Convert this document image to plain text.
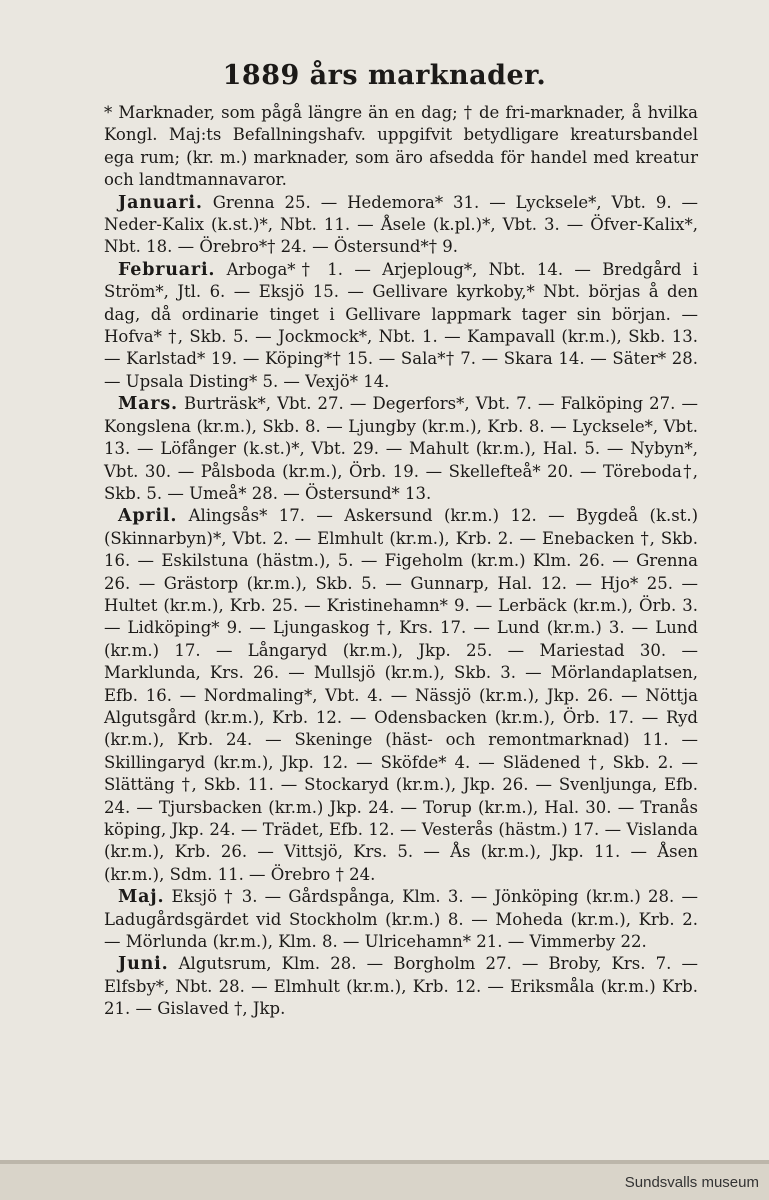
1889 års marknader.

* Marknader, som pågå längre än en dag; † de fri-marknader, å hvilka Kongl. Maj:ts Befallningshafv. uppgifvit betydligare kreatursbandel ega rum; (kr. m.) marknader, som äro afsedda för handel med kreatur och landtmannavaror.

Januari. Grenna 25. — Hedemora* 31. — Lycksele*, Vbt. 9. — Neder-Kalix (k.st.)*, Nbt. 11. — Åsele (k.pl.)*, Vbt. 3. — Öfver-Kalix*, Nbt. 18. — Örebro*† 24. — Östersund*† 9.

Februari. Arboga*† 1. — Arjeploug*, Nbt. 14. — Bredgård i Ström*, Jtl. 6. — Eksjö 15. — Gellivare kyrkoby,* Nbt. börjas å den dag, då ordinarie tinget i Gellivare lappmark tager sin början. — Hofva* †, Skb. 5. — Jockmock*, Nbt. 1. — Kampavall (kr.m.), Skb. 13. — Karlstad* 19. — Köping*† 15. — Sala*† 7. — Skara 14. — Säter* 28. — Upsala Disting* 5. — Vexjö* 14.

Mars. Burträsk*, Vbt. 27. — Degerfors*, Vbt. 7. — Falköping 27. — Kongslena (kr.m.), Skb. 8. — Ljungby (kr.m.), Krb. 8. — Lycksele*, Vbt. 13. — Löfånger (k.st.)*, Vbt. 29. — Mahult (kr.m.), Hal. 5. — Nybyn*, Vbt. 30. — Pålsboda (kr.m.), Örb. 19. — Skellefteå* 20. — Töreboda†, Skb. 5. — Umeå* 28. — Östersund* 13.

April. Alingsås* 17. — Askersund (kr.m.) 12. — Bygdeå (k.st.) (Skinnarbyn)*, Vbt. 2. — Elmhult (kr.m.), Krb. 2. — Enebacken †, Skb. 16. — Eskilstuna (hästm.), 5. — Figeholm (kr.m.) Klm. 26. — Grenna 26. — Grästorp (kr.m.), Skb. 5. — Gunnarp, Hal. 12. — Hjo* 25. — Hultet (kr.m.), Krb. 25. — Kristinehamn* 9. — Lerbäck (kr.m.), Örb. 3. — Lidköping* 9. — Ljungaskog †, Krs. 17. — Lund (kr.m.) 3. — Lund (kr.m.) 17. — Långaryd (kr.m.), Jkp. 25. — Mariestad 30. — Marklunda, Krs. 26. — Mullsjö (kr.m.), Skb. 3. — Mörlandaplatsen, Efb. 16. — Nordmaling*, Vbt. 4. — Nässjö (kr.m.), Jkp. 26. — Nöttja Algutsgård (kr.m.), Krb. 12. — Odensbacken (kr.m.), Örb. 17. — Ryd (kr.m.), Krb. 24. — Skeninge (häst- och remontmarknad) 11. — Skillingaryd (kr.m.), Jkp. 12. — Sköfde* 4. — Slädened †, Skb. 2. — Slättäng †, Skb. 11. — Stockaryd (kr.m.), Jkp. 26. — Svenljunga, Efb. 24. — Tjursbacken (kr.m.) Jkp. 24. — Torup (kr.m.), Hal. 30. — Tranås köping, Jkp. 24. — Trädet, Efb. 12. — Vesterås (hästm.) 17. — Vislanda (kr.m.), Krb. 26. — Vittsjö, Krs. 5. — Ås (kr.m.), Jkp. 11. — Åsen (kr.m.), Sdm. 11. — Örebro † 24.

Maj. Eksjö † 3. — Gårdspånga, Klm. 3. — Jönköping (kr.m.) 28. — Ladugårdsgärdet vid Stockholm (kr.m.) 8. — Moheda (kr.m.), Krb. 2. — Mörlunda (kr.m.), Klm. 8. — Ulricehamn* 21. — Vimmerby 22.

Juni. Algutsrum, Klm. 28. — Borgholm 27. — Broby, Krs. 7. — Elfsby*, Nbt. 28. — Elmhult (kr.m.), Krb. 12. — Eriksmåla (kr.m.) Krb. 21. — Gislaved †, Jkp.

Sundsvalls museum
